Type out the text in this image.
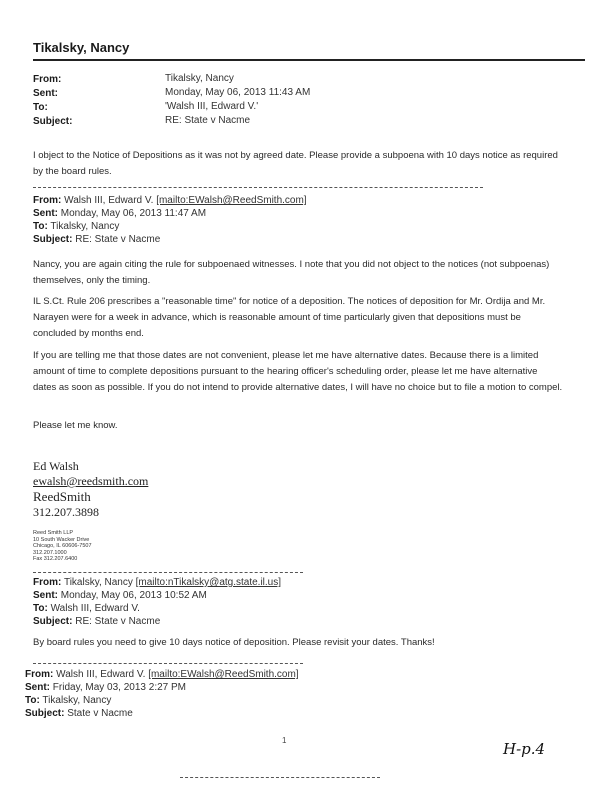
Tikalsky, Nancy
From:	Tikalsky, Nancy
Sent:	Monday, May 06, 2013 11:43 AM
To:	'Walsh III, Edward V.'
Subject:	RE: State v Nacme
I object to the Notice of Depositions as it was not by agreed date. Please provide a subpoena with 10 days notice as required by the board rules.
From: Walsh III, Edward V. [mailto:EWalsh@ReedSmith.com]
Sent: Monday, May 06, 2013 11:47 AM
To: Tikalsky, Nancy
Subject: RE: State v Nacme
Nancy, you are again citing the rule for subpoenaed witnesses. I note that you did not object to the notices (not subpoenas) themselves, only the timing.
IL S.Ct. Rule 206 prescribes a "reasonable time" for notice of a deposition. The notices of deposition for Mr. Ordija and Mr. Narayen were for a week in advance, which is reasonable amount of time particularly given that depositions must be concluded by months end.
If you are telling me that those dates are not convenient, please let me have alternative dates. Because there is a limited amount of time to complete depositions pursuant to the hearing officer's scheduling order, please let me have alternative dates as soon as possible. If you do not intend to provide alternative dates, I will have no choice but to file a motion to compel.
Please let me know.
Ed Walsh
ewalsh@reedsmith.com
ReedSmith
312.207.3898
Reed Smith LLP
10 South Wacker Drive
Chicago, IL 60606-7507
312.207.1000
Fax 312.207.6400
From: Tikalsky, Nancy [mailto:nTikalsky@atg.state.il.us]
Sent: Monday, May 06, 2013 10:52 AM
To: Walsh III, Edward V.
Subject: RE: State v Nacme
By board rules you need to give 10 days notice of deposition. Please revisit your dates. Thanks!
From: Walsh III, Edward V. [mailto:EWalsh@ReedSmith.com]
Sent: Friday, May 03, 2013 2:27 PM
To: Tikalsky, Nancy
Subject: State v Nacme
1	H-p.4
